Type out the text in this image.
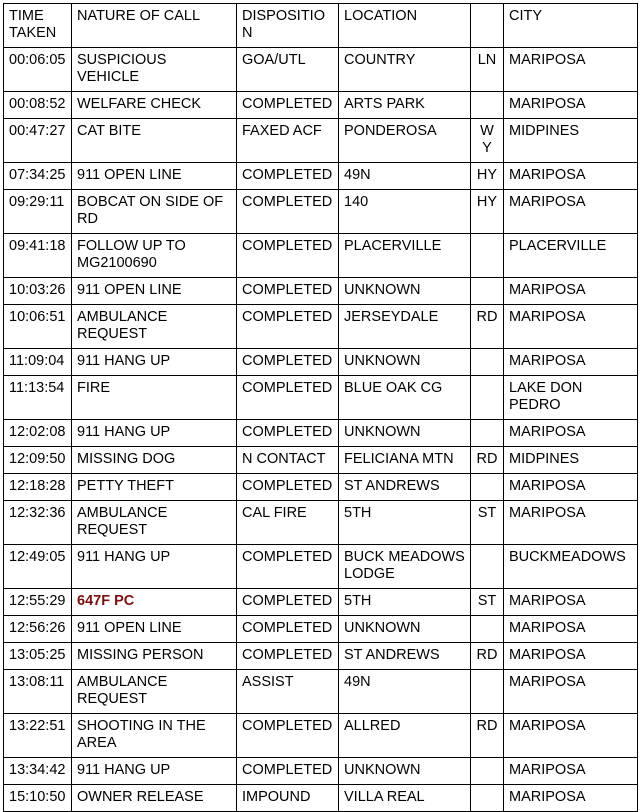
TIME TAKEN	NATURE OF CALL	DISPOSITION	LOCATION		CITY
00:06:05	SUSPICIOUS VEHICLE	GOA/UTL	COUNTRY	LN	MARIPOSA
00:08:52	WELFARE CHECK	COMPLETED	ARTS PARK		MARIPOSA
00:47:27	CAT BITE	FAXED ACF	PONDEROSA	WY	MIDPINES
07:34:25	911 OPEN LINE	COMPLETED	49N	HY	MARIPOSA
09:29:11	BOBCAT ON SIDE OF RD	COMPLETED	140	HY	MARIPOSA
09:41:18	FOLLOW UP TO MG2100690	COMPLETED	PLACERVILLE		PLACERVILLE
10:03:26	911 OPEN LINE	COMPLETED	UNKNOWN		MARIPOSA
10:06:51	AMBULANCE REQUEST	COMPLETED	JERSEYDALE	RD	MARIPOSA
11:09:04	911 HANG UP	COMPLETED	UNKNOWN		MARIPOSA
11:13:54	FIRE	COMPLETED	BLUE OAK CG		LAKE DON PEDRO
12:02:08	911 HANG UP	COMPLETED	UNKNOWN		MARIPOSA
12:09:50	MISSING DOG	N CONTACT	FELICIANA MTN	RD	MIDPINES
12:18:28	PETTY THEFT	COMPLETED	ST ANDREWS		MARIPOSA
12:32:36	AMBULANCE REQUEST	CAL FIRE	5TH	ST	MARIPOSA
12:49:05	911 HANG UP	COMPLETED	BUCK MEADOWS LODGE		BUCKMEADOWS
12:55:29	647F PC	COMPLETED	5TH	ST	MARIPOSA
12:56:26	911 OPEN LINE	COMPLETED	UNKNOWN		MARIPOSA
13:05:25	MISSING PERSON	COMPLETED	ST ANDREWS	RD	MARIPOSA
13:08:11	AMBULANCE REQUEST	ASSIST	49N		MARIPOSA
13:22:51	SHOOTING IN THE AREA	COMPLETED	ALLRED	RD	MARIPOSA
13:34:42	911 HANG UP	COMPLETED	UNKNOWN		MARIPOSA
15:10:50	OWNER RELEASE	IMPOUND	VILLA REAL		MARIPOSA
